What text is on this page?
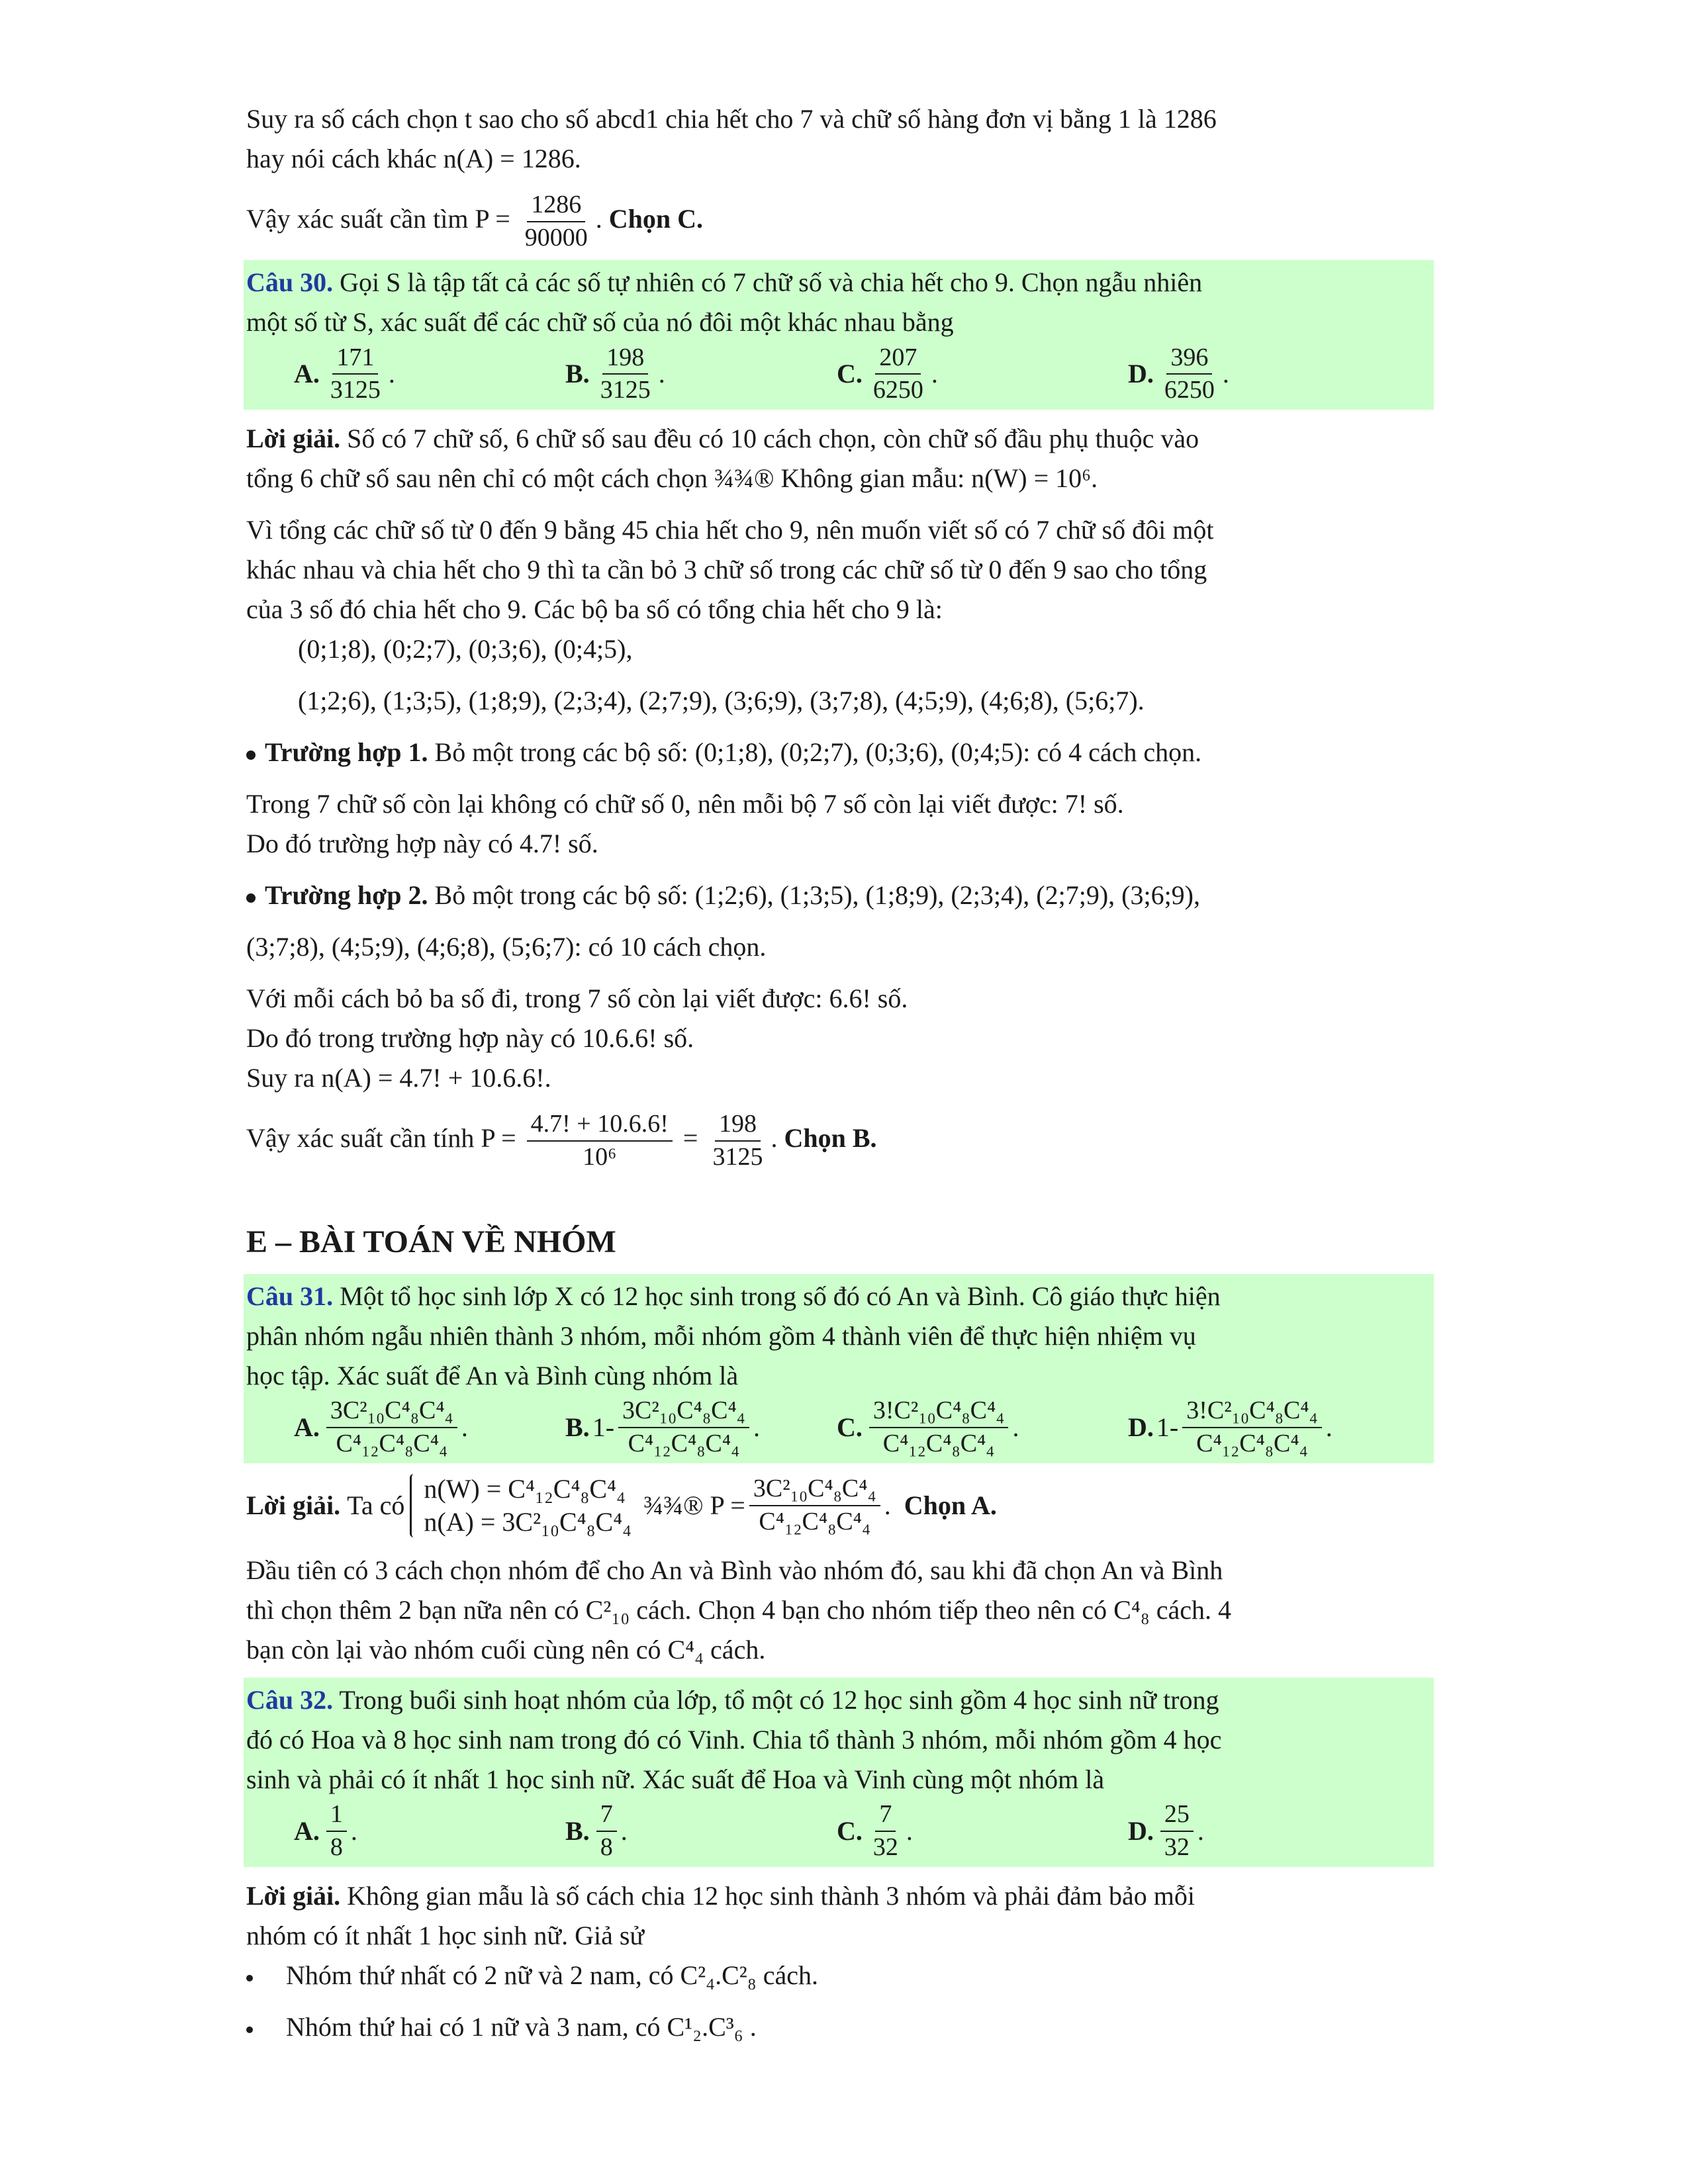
Suy ra số cách chọn t sao cho số abcd1 chia hết cho 7 và chữ số hàng đơn vị bằng 1 là 1286

hay nói cách khác n(A) = 1286.

Vậy xác suất cần tìm $P = \frac{1286}{90000}$ . Chọn C.

Câu 30. Gọi S là tập tất cả các số tự nhiên có 7 chữ số và chia hết cho 9. Chọn ngẫu nhiên

một số từ S, xác suất để các chữ số của nó đôi một khác nhau bằng

A. $\frac{171}{3125}$ .	B. $\frac{198}{3125}$ .	C. $\frac{207}{6250}$ .	D. $\frac{396}{6250}$ .

Lời giải. Số có 7 chữ số, 6 chữ số sau đều có 10 cách chọn, còn chữ số đầu phụ thuộc vào

tổng 6 chữ số sau nên chỉ có một cách chọn ¾¾® Không gian mẫu: n(W) = 10⁶.

Vì tổng các chữ số từ 0 đến 9 bằng 45 chia hết cho 9, nên muốn viết số có 7 chữ số đôi một

khác nhau và chia hết cho 9 thì ta cần bỏ 3 chữ số trong các chữ số từ 0 đến 9 sao cho tổng

của 3 số đó chia hết cho 9. Các bộ ba số có tổng chia hết cho 9 là:

(0;1;8), (0;2;7), (0;3;6), (0;4;5),

(1;2;6), (1;3;5), (1;8;9), (2;3;4), (2;7;9), (3;6;9), (3;7;8), (4;5;9), (4;6;8), (5;6;7).

Trường hợp 1. Bỏ một trong các bộ số: (0;1;8), (0;2;7), (0;3;6), (0;4;5): có 4 cách chọn.

Trong 7 chữ số còn lại không có chữ số 0, nên mỗi bộ 7 số còn lại viết được: 7! số.

Do đó trường hợp này có 4.7! số.

Trường hợp 2. Bỏ một trong các bộ số: (1;2;6), (1;3;5), (1;8;9), (2;3;4), (2;7;9), (3;6;9),

(3;7;8), (4;5;9), (4;6;8), (5;6;7): có 10 cách chọn.

Với mỗi cách bỏ ba số đi, trong 7 số còn lại viết được: 6.6! số.

Do đó trong trường hợp này có 10.6.6! số.

Suy ra n(A) = 4.7! + 10.6.6!.

Vậy xác suất cần tính $P = \frac{4.7! + 10.6.6!}{\text{10⁶}} = \frac{198}{3125}$ . Chọn B.

E – BÀI TOÁN VỀ NHÓM

Câu 31. Một tổ học sinh lớp X có 12 học sinh trong số đó có An và Bình. Cô giáo thực hiện

phân nhóm ngẫu nhiên thành 3 nhóm, mỗi nhóm gồm 4 thành viên để thực hiện nhiệm vụ

học tập. Xác suất để An và Bình cùng nhóm là

A. $\frac{\text{3C²₁₀C⁴₈C⁴₄}}{\text{C⁴₁₂C⁴₈C⁴₄}}$ .	B. $1- \frac{\text{3C²₁₀C⁴₈C⁴₄}}{\text{C⁴₁₂C⁴₈C⁴₄}}$ .	C. $\frac{\text{3!C²₁₀C⁴₈C⁴₄}}{\text{C⁴₁₂C⁴₈C⁴₄}}$ .	D. $1- \frac{\text{3!C²₁₀C⁴₈C⁴₄}}{\text{C⁴₁₂C⁴₈C⁴₄}}$ .

Lời giải.
Ta có
n(W) = C⁴₁₂C⁴₈C⁴₄
n(A) = 3C²₁₀C⁴₈C⁴₄
¾¾® $P = \frac{\text{3C²₁₀C⁴₈C⁴₄}}{\text{C⁴₁₂C⁴₈C⁴₄}}$ . Chọn A.

Đầu tiên có 3 cách chọn nhóm để cho An và Bình vào nhóm đó, sau khi đã chọn An và Bình

thì chọn thêm 2 bạn nữa nên có C²₁₀ cách. Chọn 4 bạn cho nhóm tiếp theo nên có C⁴₈ cách. 4

bạn còn lại vào nhóm cuối cùng nên có C⁴₄ cách.

Câu 32. Trong buổi sinh hoạt nhóm của lớp, tổ một có 12 học sinh gồm 4 học sinh nữ trong

đó có Hoa và 8 học sinh nam trong đó có Vinh. Chia tổ thành 3 nhóm, mỗi nhóm gồm 4 học

sinh và phải có ít nhất 1 học sinh nữ. Xác suất để Hoa và Vinh cùng một nhóm là

A. $\frac{1}{8}$ .	B. $\frac{7}{8}$ .	C. $\frac{7}{32}$ .	D. $\frac{25}{32}$ .

Lời giải. Không gian mẫu là số cách chia 12 học sinh thành 3 nhóm và phải đảm bảo mỗi

nhóm có ít nhất 1 học sinh nữ. Giả sử

Nhóm thứ nhất có 2 nữ và 2 nam, có C²₄.C²₈ cách.

Nhóm thứ hai có 1 nữ và 3 nam, có C¹₂.C³₆ .
